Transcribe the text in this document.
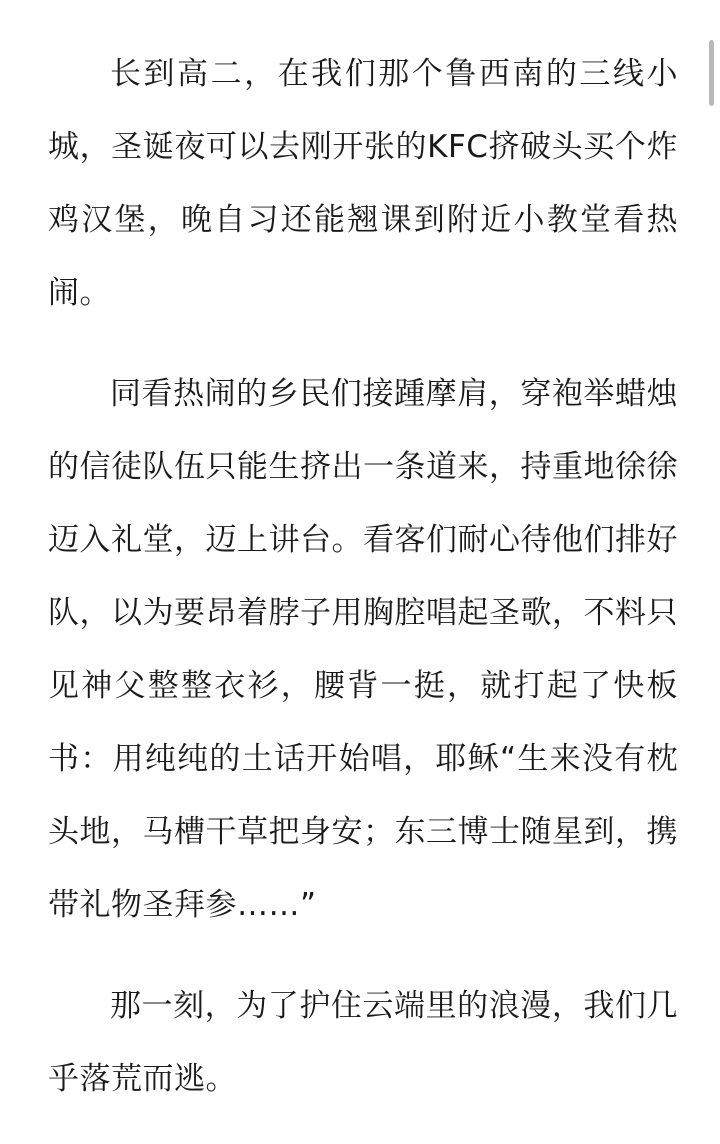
长到高二，在我们那个鲁西南的三线小城，圣诞夜可以去刚开张的KFC挤破头买个炸鸡汉堡，晚自习还能翘课到附近小教堂看热闹。

同看热闹的乡民们接踵摩肩，穿袍举蜡烛的信徒队伍只能生挤出一条道来，持重地徐徐迈入礼堂，迈上讲台。看客们耐心待他们排好队，以为要昂着脖子用胸腔唱起圣歌，不料只见神父整整衣衫，腰背一挺，就打起了快板书：用纯纯的土话开始唱，耶稣“生来没有枕头地，马槽干草把身安；东三博士随星到，携带礼物圣拜参……”

那一刻，为了护住云端里的浪漫，我们几乎落荒而逃。
